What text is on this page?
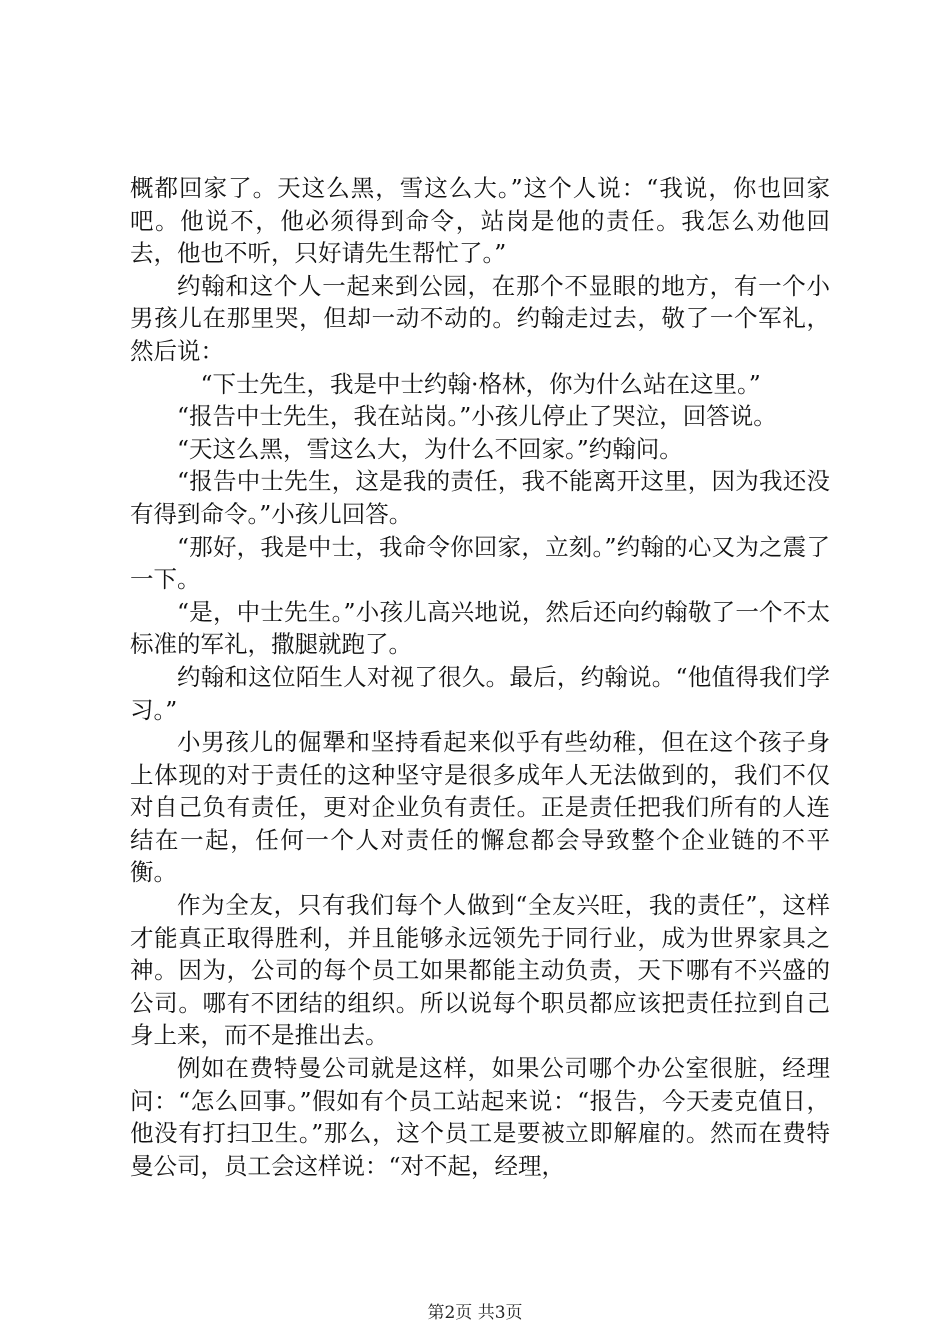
概都回家了。天这么黑，雪这么大。”这个人说：“我说，你也回家吧。他说不，他必须得到命令，站岗是他的责任。我怎么劝他回去，他也不听，只好请先生帮忙了。”

约翰和这个人一起来到公园，在那个不显眼的地方，有一个小男孩儿在那里哭，但却一动不动的。约翰走过去，敬了一个军礼，然后说：

“下士先生，我是中士约翰·格林，你为什么站在这里。”

“报告中士先生，我在站岗。”小孩儿停止了哭泣，回答说。

“天这么黑，雪这么大，为什么不回家。”约翰问。

“报告中士先生，这是我的责任，我不能离开这里，因为我还没有得到命令。”小孩儿回答。

“那好，我是中士，我命令你回家，立刻。”约翰的心又为之震了一下。

“是，中士先生。”小孩儿高兴地说，然后还向约翰敬了一个不太标准的军礼，撒腿就跑了。

约翰和这位陌生人对视了很久。最后，约翰说。“他值得我们学习。”

小男孩儿的倔犟和坚持看起来似乎有些幼稚，但在这个孩子身上体现的对于责任的这种坚守是很多成年人无法做到的，我们不仅对自己负有责任，更对企业负有责任。正是责任把我们所有的人连结在一起，任何一个人对责任的懈怠都会导致整个企业链的不平衡。

作为全友，只有我们每个人做到“全友兴旺，我的责任”，这样才能真正取得胜利，并且能够永远领先于同行业，成为世界家具之神。因为，公司的每个员工如果都能主动负责，天下哪有不兴盛的公司。哪有不团结的组织。所以说每个职员都应该把责任拉到自己身上来，而不是推出去。

例如在费特曼公司就是这样，如果公司哪个办公室很脏，经理问：“怎么回事。”假如有个员工站起来说：“报告，今天麦克值日，他没有打扫卫生。”那么，这个员工是要被立即解雇的。然而在费特曼公司，员工会这样说：“对不起，经理，

第2页 共3页
